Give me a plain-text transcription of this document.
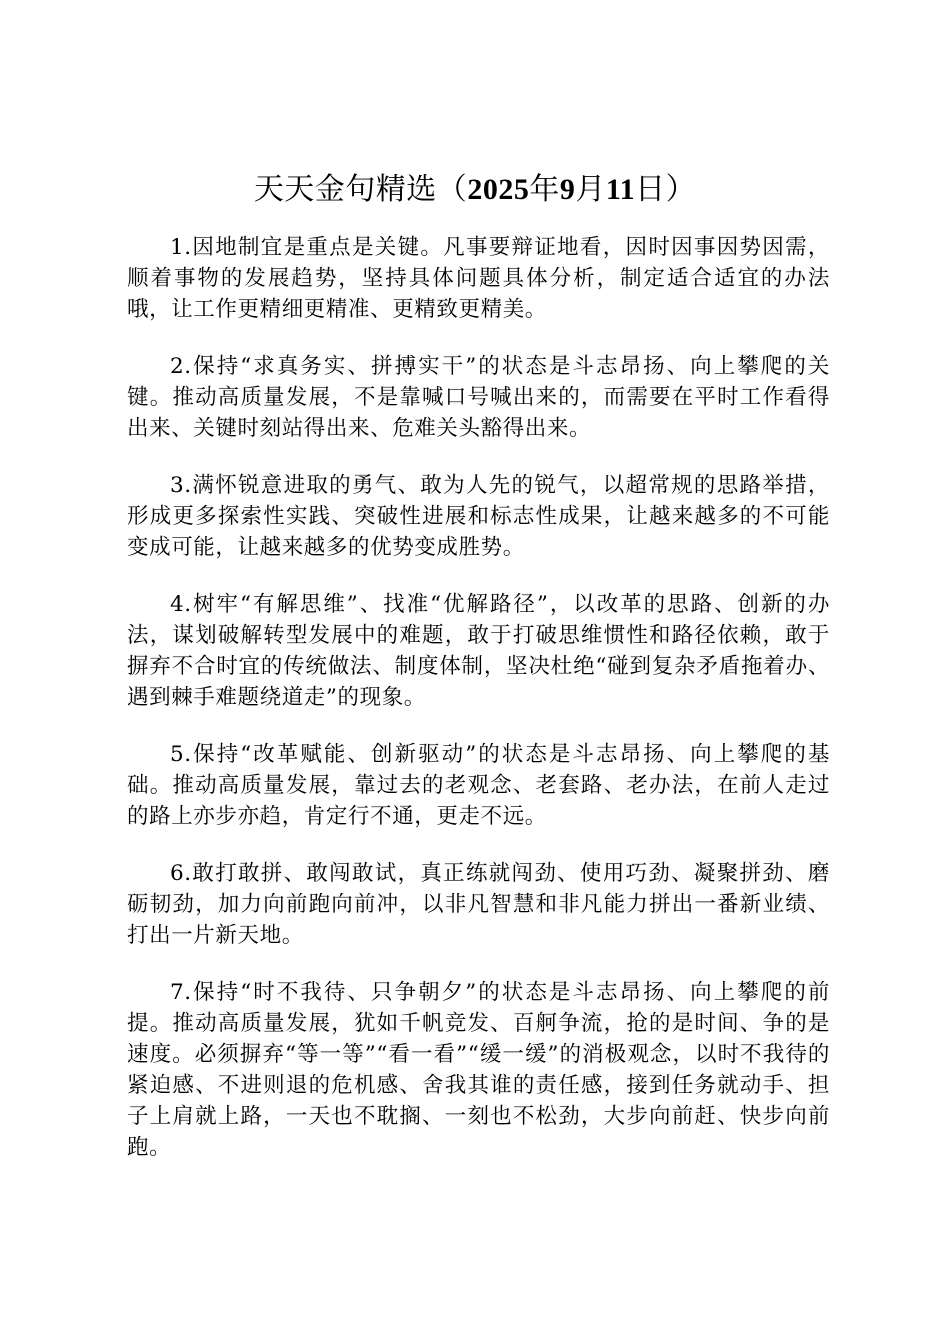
天天金句精选（2025年9月11日）

1.因地制宜是重点是关键。凡事要辩证地看，因时因事因势因需，顺着事物的发展趋势，坚持具体问题具体分析，制定适合适宜的办法哦，让工作更精细更精准、更精致更精美。

2.保持“求真务实、拼搏实干”的状态是斗志昂扬、向上攀爬的关键。推动高质量发展，不是靠喊口号喊出来的，而需要在平时工作看得出来、关键时刻站得出来、危难关头豁得出来。

3.满怀锐意进取的勇气、敢为人先的锐气，以超常规的思路举措，形成更多探索性实践、突破性进展和标志性成果，让越来越多的不可能变成可能，让越来越多的优势变成胜势。

4.树牢“有解思维”、找准“优解路径”，以改革的思路、创新的办法，谋划破解转型发展中的难题，敢于打破思维惯性和路径依赖，敢于摒弃不合时宜的传统做法、制度体制，坚决杜绝“碰到复杂矛盾拖着办、遇到棘手难题绕道走”的现象。

5.保持“改革赋能、创新驱动”的状态是斗志昂扬、向上攀爬的基础。推动高质量发展，靠过去的老观念、老套路、老办法，在前人走过的路上亦步亦趋，肯定行不通，更走不远。

6.敢打敢拼、敢闯敢试，真正练就闯劲、使用巧劲、凝聚拼劲、磨砺韧劲，加力向前跑向前冲，以非凡智慧和非凡能力拼出一番新业绩、打出一片新天地。

7.保持“时不我待、只争朝夕”的状态是斗志昂扬、向上攀爬的前提。推动高质量发展，犹如千帆竞发、百舸争流，抢的是时间、争的是速度。必须摒弃“等一等”“看一看”“缓一缓”的消极观念，以时不我待的紧迫感、不进则退的危机感、舍我其谁的责任感，接到任务就动手、担子上肩就上路，一天也不耽搁、一刻也不松劲，大步向前赶、快步向前跑。
